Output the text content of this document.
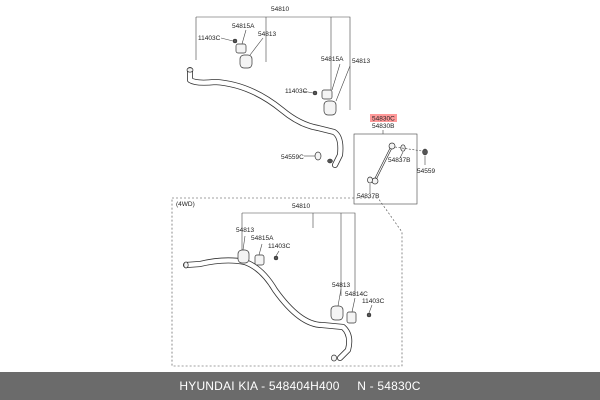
54810
54815A
54813
11403C
54815A 54813
11403C
54559C
54830C
54830B
54837B
54559
54837B
(4WD)	54810
54813
54815A
11403C
54813
54814C
11403C
HYUNDAI KIA - 548404H400     N - 54830C
